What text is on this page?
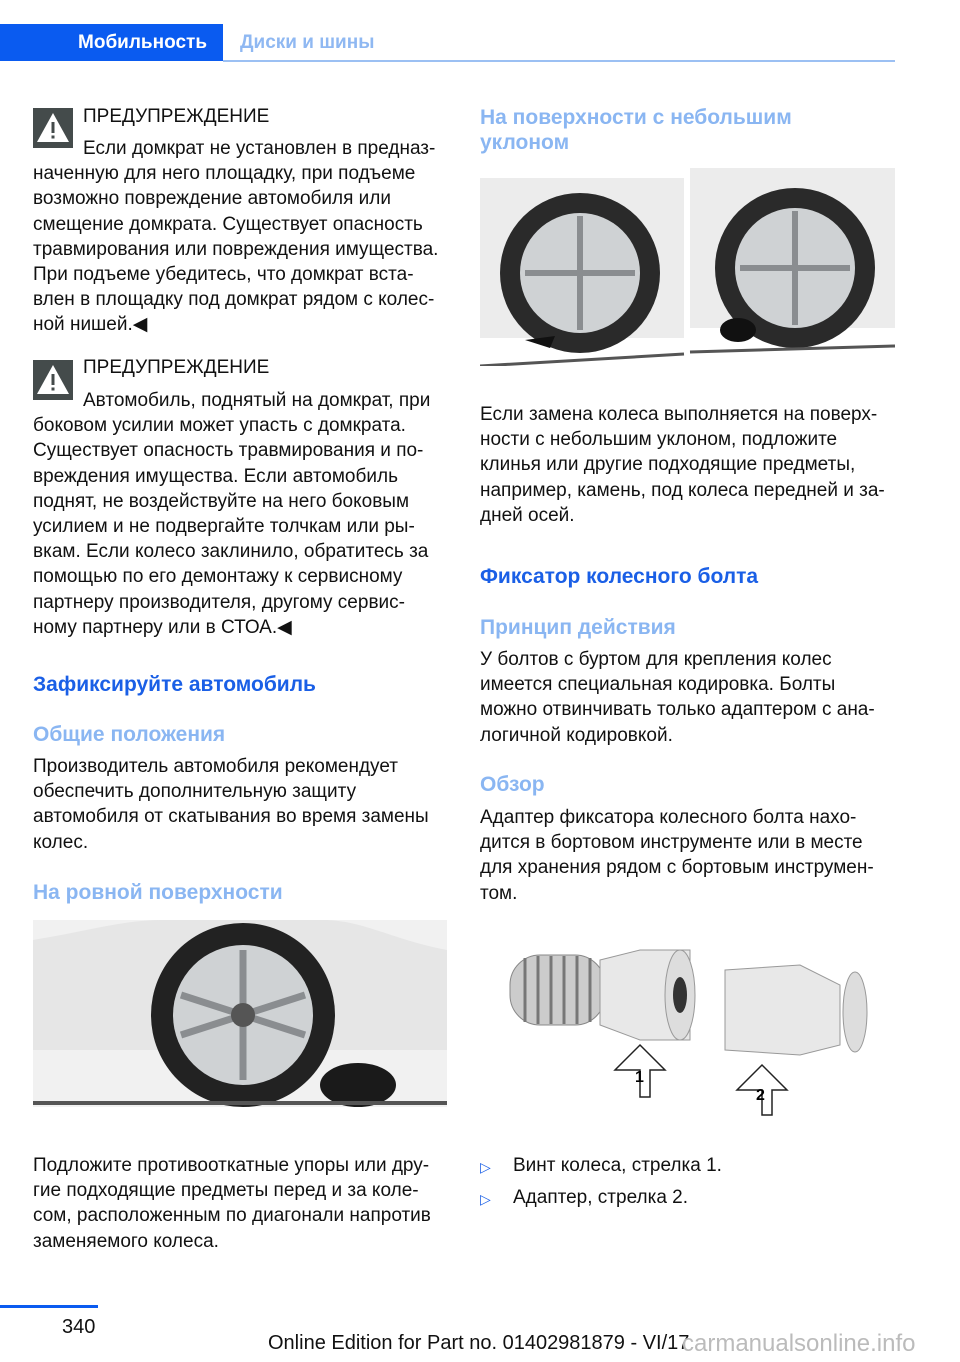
Мобильность	Диски и шины
ПРЕДУПРЕЖДЕНИЕ
Если домкрат не установлен в предназ-
наченную для него площадку, при подъеме
возможно повреждение автомобиля или
смещение домкрата. Существует опасность
травмирования или повреждения имущества.
При подъеме убедитесь, что домкрат вста-
влен в площадку под домкрат рядом с колес-
ной нишей.◀
ПРЕДУПРЕЖДЕНИЕ
Автомобиль, поднятый на домкрат, при
боковом усилии может упасть с домкрата.
Существует опасность травмирования и по-
вреждения имущества. Если автомобиль
поднят, не воздействуйте на него боковым
усилием и не подвергайте толчкам или ры-
вкам. Если колесо заклинило, обратитесь за
помощью по его демонтажу к сервисному
партнеру производителя, другому сервис-
ному партнеру или в СТОА.◀
Зафиксируйте автомобиль
Общие положения
Производитель автомобиля рекомендует
обеспечить дополнительную защиту
автомобиля от скатывания во время замены
колес.
На ровной поверхности
Подложите противооткатные упоры или дру-
гие подходящие предметы перед и за коле-
сом, расположенным по диагонали напротив
заменяемого колеса.
На поверхности с небольшим
уклоном
Если замена колеса выполняется на поверх-
ности с небольшим уклоном, подложите
клинья или другие подходящие предметы,
например, камень, под колеса передней и за-
дней осей.
Фиксатор колесного болта
Принцип действия
У болтов с буртом для крепления колес
имеется специальная кодировка. Болты
можно отвинчивать только адаптером с ана-
логичной кодировкой.
Обзор
Адаптер фиксатора колесного болта нахо-
дится в бортовом инструменте или в месте
для хранения рядом с бортовым инструмен-
том.
1
2
▷ Винт колеса, стрелка 1.
▷ Адаптер, стрелка 2.
340
Online Edition for Part no. 01402981879 - VI/17
carmanualsonline.info
